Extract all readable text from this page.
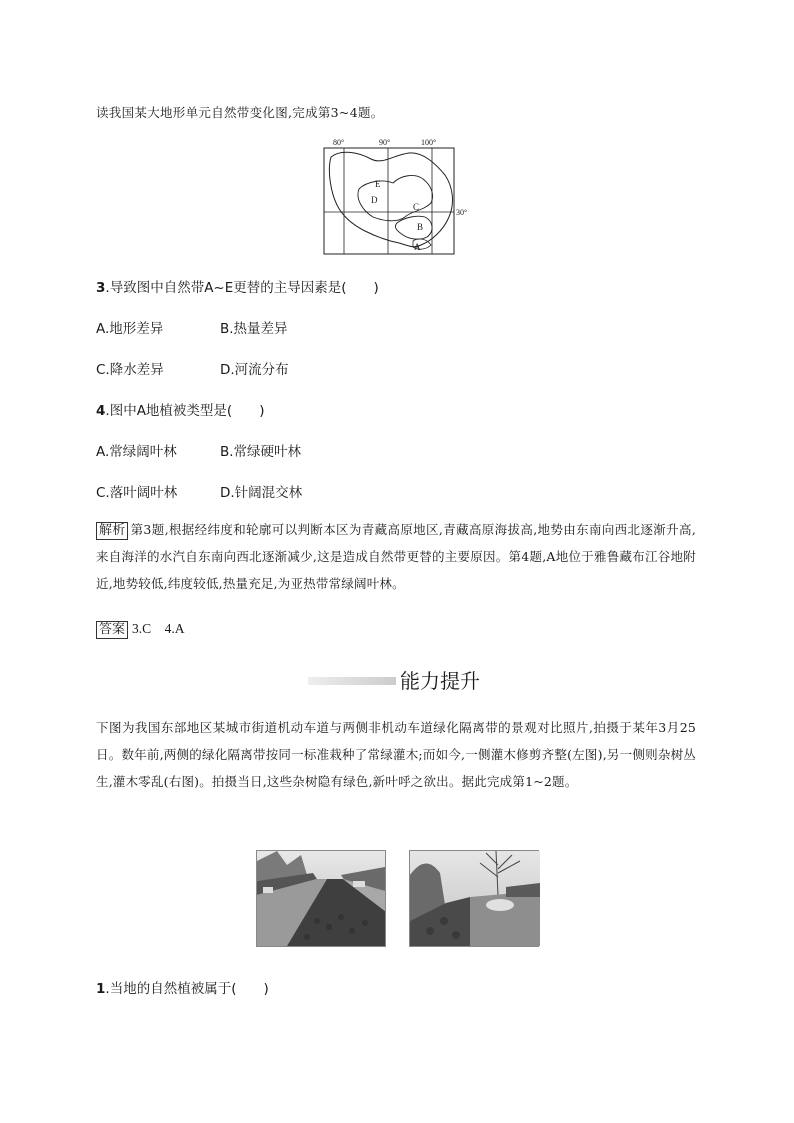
读我国某大地形单元自然带变化图,完成第3~4题。
80°	90°	100°
30°
E
D
C
B
A
3.导致图中自然带A~E更替的主导因素是(　　)
A.地形差异	B.热量差异
C.降水差异	D.河流分布
4.图中A地植被类型是(　　)
A.常绿阔叶林	B.常绿硬叶林
C.落叶阔叶林	D.针阔混交林
解析 第3题,根据经纬度和轮廓可以判断本区为青藏高原地区,青藏高原海拔高,地势由东南向西北逐渐升高,来自海洋的水汽自东南向西北逐渐减少,这是造成自然带更替的主要原因。第4题,A地位于雅鲁藏布江谷地附近,地势较低,纬度较低,热量充足,为亚热带常绿阔叶林。
答案 3.C　4.A
能力提升
下图为我国东部地区某城市街道机动车道与两侧非机动车道绿化隔离带的景观对比照片,拍摄于某年3月25日。数年前,两侧的绿化隔离带按同一标准栽种了常绿灌木;而如今,一侧灌木修剪齐整(左图),另一侧则杂树丛生,灌木零乱(右图)。拍摄当日,这些杂树隐有绿色,新叶呼之欲出。据此完成第1~2题。
1.当地的自然植被属于(　　)
